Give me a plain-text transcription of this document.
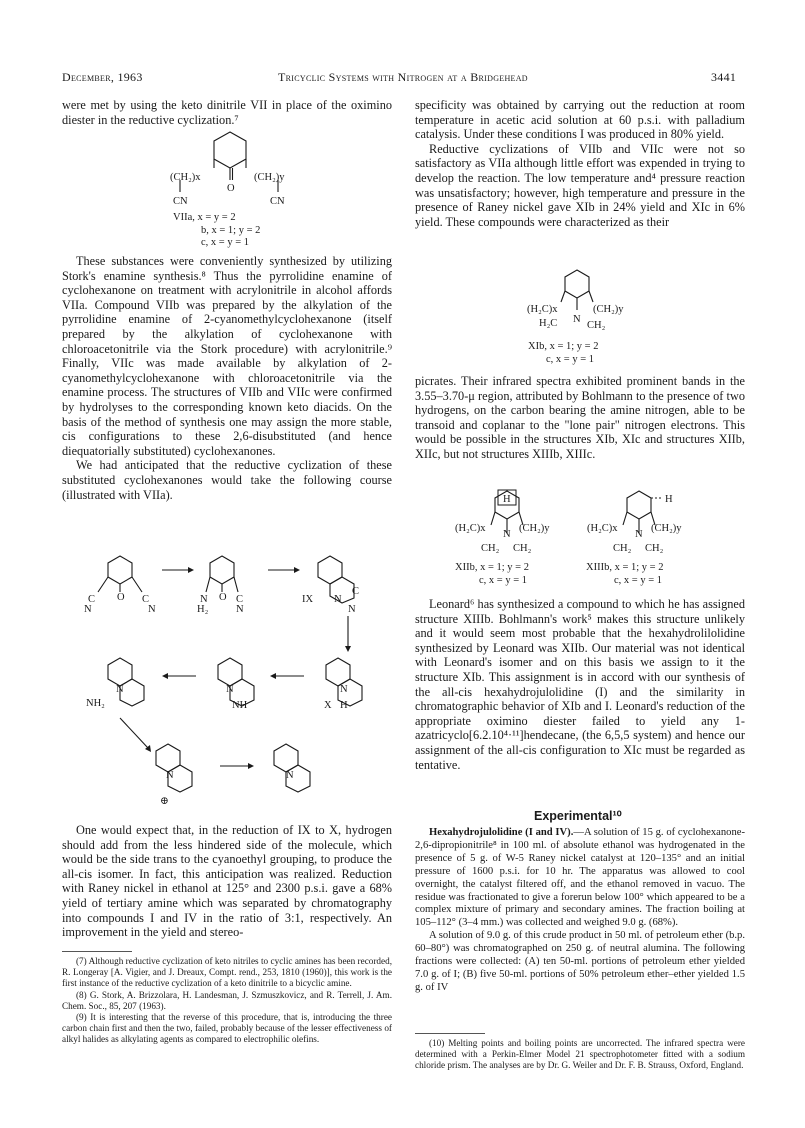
December, 1963	Tricyclic Systems with Nitrogen at a Bridgehead	3441

were met by using the keto dinitrile VII in place of the oximino diester in the reductive cyclization.⁷

(CH₂)x	(CH₂)y
O
CN	CN
VIIa, x = y = 2
b, x = 1; y = 2
c, x = y = 1

These substances were conveniently synthesized by utilizing Stork's enamine synthesis.⁸ Thus the pyrrolidine enamine of cyclohexanone on treatment with acrylonitrile in alcohol affords VIIa. Compound VIIb was prepared by the alkylation of the pyrrolidine enamine of 2-cyanomethylcyclohexanone (itself prepared by the alkylation of cyclohexanone with chloroacetonitrile via the Stork procedure) with acrylonitrile.⁹ Finally, VIIc was made available by alkylation of 2-cyanomethylcyclohexanone with chloroacetonitrile via the enamine process. The structures of VIIb and VIIc were confirmed by hydrolyses to the corresponding known keto diacids. On the basis of the method of synthesis one may assign the more stable, cis configurations to these 2,6-disubstituted (and hence diequatorially substituted) cyclohexanones.

We had anticipated that the reductive cyclization of these substituted cyclohexanones would take the following course (illustrated with VIIa).

C	C
N	N
O	N	C
H₂	N
O	IX N
C
N
N
NH₂
N
NH
N
X H
N
⊕
N

One would expect that, in the reduction of IX to X, hydrogen should add from the less hindered side of the molecule, which would be the side trans to the cyanoethyl grouping, to produce the all-cis isomer. In fact, this anticipation was realized. Reduction with Raney nickel in ethanol at 125° and 2300 p.s.i. gave a 68% yield of tertiary amine which was separated by chromatography into compounds I and IV in the ratio of 3:1, respectively. An improvement in the yield and stereo-

(7) Although reductive cyclization of keto nitriles to cyclic amines has been recorded, R. Longeray [A. Vigier, and J. Dreaux, Compt. rend., 253, 1810 (1960)], this work is the first instance of the reductive cyclization of a keto dinitrile to a bicyclic amine.

(8) G. Stork, A. Brizzolara, H. Landesman, J. Szmuszkovicz, and R. Terrell, J. Am. Chem. Soc., 85, 207 (1963).

(9) It is interesting that the reverse of this procedure, that is, introducing the three carbon chain first and then the two, failed, probably because of the lesser effectiveness of alkyl halides as alkylating agents as compared to electrophilic olefins.

specificity was obtained by carrying out the reduction at room temperature in acetic acid solution at 60 p.s.i. with palladium catalysis. Under these conditions I was produced in 80% yield.

Reductive cyclizations of VIIb and VIIc were not so satisfactory as VIIa although little effort was expended in trying to develop the reaction. The low temperature and⁴ pressure reaction was unsatisfactory; however, high temperature and pressure in the presence of Raney nickel gave XIb in 24% yield and XIc in 6% yield. These compounds were characterized as their

(H₂C)x	(CH₂)y
H₂C N
CH₂
XIb, x = 1; y = 2
c, x = y = 1

picrates. Their infrared spectra exhibited prominent bands in the 3.55–3.70-μ region, attributed by Bohlmann to the presence of two hydrogens, on the carbon bearing the amine nitrogen, able to be transoid and coplanar to the "lone pair" nitrogen electrons. This would be possible in the structures XIb, XIc and structures XIIb, XIIc, but not structures XIIIb, XIIIc.

H
(H₂C)x
N
(CH₂)y
CH₂ CH₂
H
(H₂C)x
N
(CH₂)y
CH₂ CH₂
XIIb, x = 1; y = 2
c, x = y = 1
XIIIb, x = 1; y = 2
c, x = y = 1

Leonard⁶ has synthesized a compound to which he has assigned structure XIIIb. Bohlmann's work⁵ makes this structure unlikely and it would seem most probable that the hexahydrolilolidine synthesized by Leonard was XIIb. Our material was not identical with Leonard's isomer and on this basis we assign to it the structure XIb. This assignment is in accord with our synthesis of the all-cis hexahydrojulolidine (I) and the similarity in chromatographic behavior of XIb and I. Leonard's reduction of the appropriate oximino diester failed to yield any 1-azatricyclo[6.2.10⁴·¹¹]hendecane, (the 6,5,5 system) and hence our assignment of the all-cis configuration to XIc must be regarded as tentative.

Experimental¹⁰

Hexahydrojulolidine (I and IV).—A solution of 15 g. of cyclohexanone-2,6-dipropionitrile⁸ in 100 ml. of absolute ethanol was hydrogenated in the presence of 5 g. of W-5 Raney nickel catalyst at 120–135° and an initial pressure of 1600 p.s.i. for 10 hr. The apparatus was allowed to cool overnight, the catalyst filtered off, and the ethanol removed in vacuo. The residue was fractionated to give a forerun below 100° which appeared to be a complex mixture of primary and secondary amines. The fraction boiling at 105–112° (3–4 mm.) was collected and weighed 9.0 g. (68%).

A solution of 9.0 g. of this crude product in 50 ml. of petroleum ether (b.p. 60–80°) was chromatographed on 250 g. of neutral alumina. The following fractions were collected: (A) ten 50-ml. portions of petroleum ether yielded 7.0 g. of I; (B) five 50-ml. portions of 50% petroleum ether–ether yielded 1.5 g. of IV

(10) Melting points and boiling points are uncorrected. The infrared spectra were determined with a Perkin-Elmer Model 21 spectrophotometer fitted with a sodium chloride prism. The analyses are by Dr. G. Weiler and Dr. F. B. Strauss, Oxford, England.
